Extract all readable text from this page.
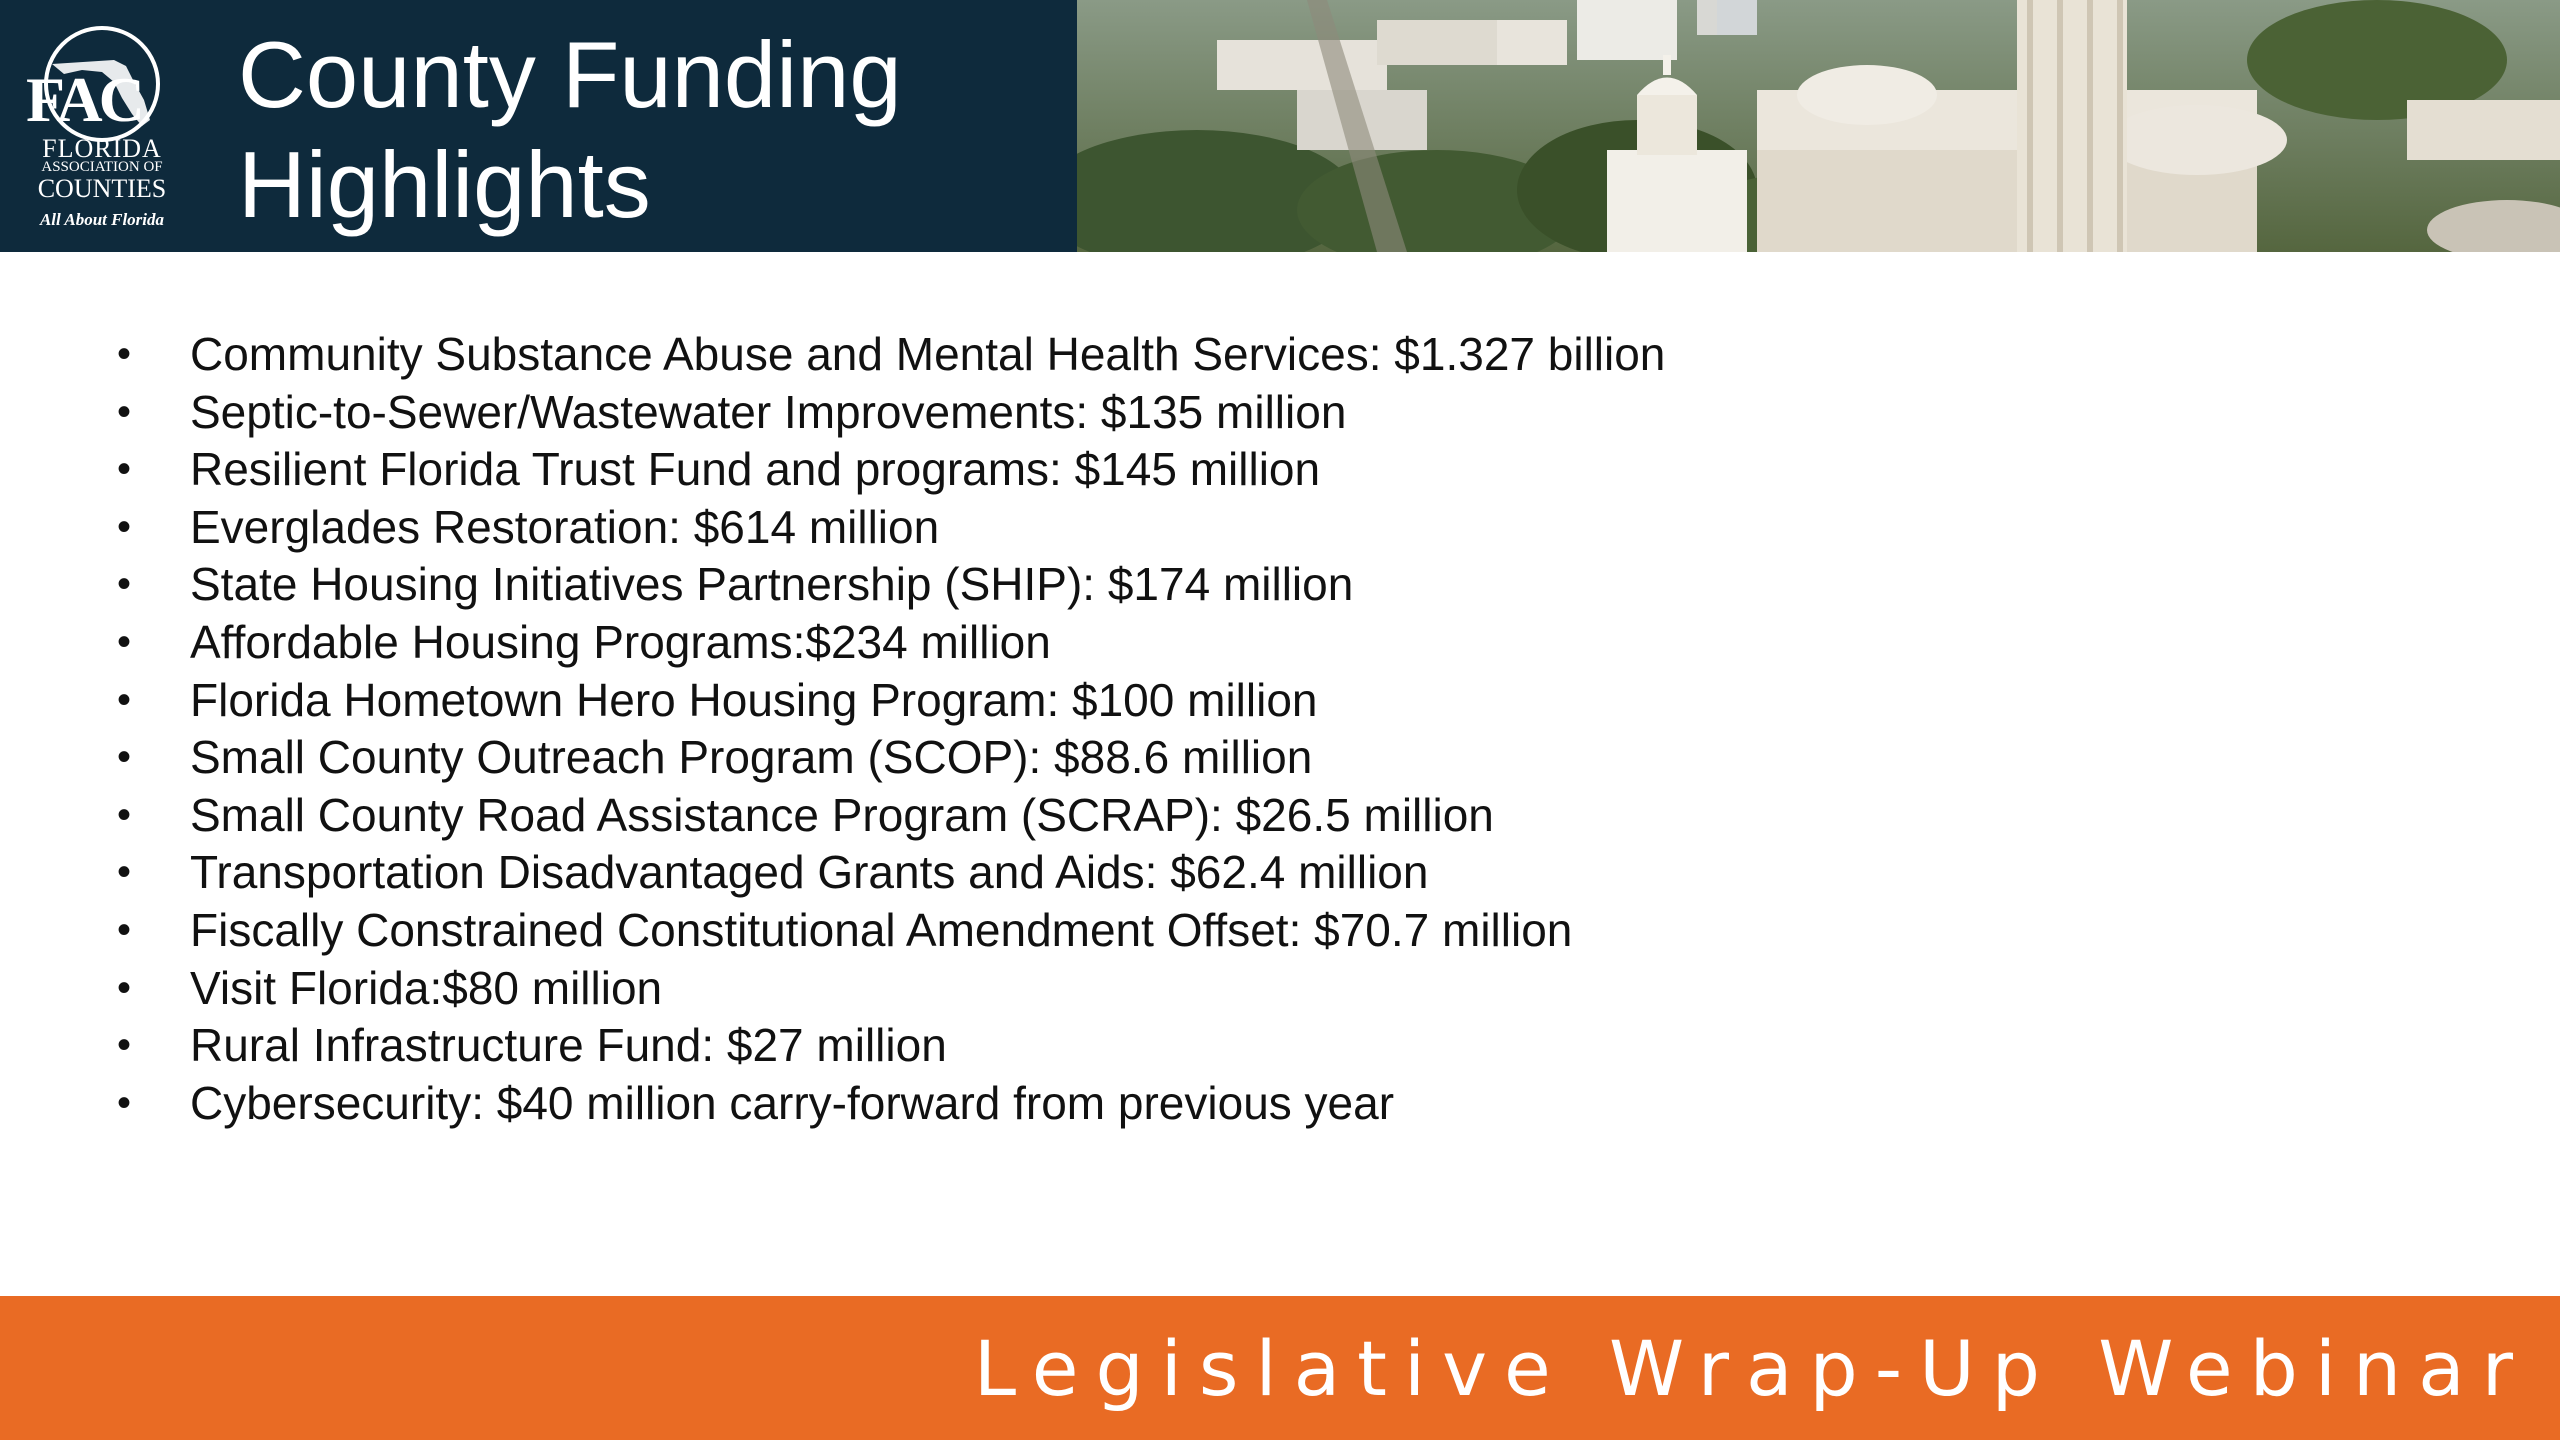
FAC
FLORIDA
ASSOCIATION OF
COUNTIES
All About Florida
County Funding
Highlights
• Community Substance Abuse and Mental Health Services: $1.327 billion
• Septic-to-Sewer/Wastewater Improvements: $135 million
• Resilient Florida Trust Fund and programs: $145 million
• Everglades Restoration: $614 million
• State Housing Initiatives Partnership (SHIP): $174 million
• Affordable Housing Programs:$234 million
• Florida Hometown Hero Housing Program: $100 million
• Small County Outreach Program (SCOP): $88.6 million
• Small County Road Assistance Program (SCRAP): $26.5 million
• Transportation Disadvantaged Grants and Aids: $62.4 million
• Fiscally Constrained Constitutional Amendment Offset: $70.7 million
• Visit Florida:$80 million
• Rural Infrastructure Fund: $27 million
• Cybersecurity: $40 million carry-forward from previous year
Legislative Wrap-Up Webinar
